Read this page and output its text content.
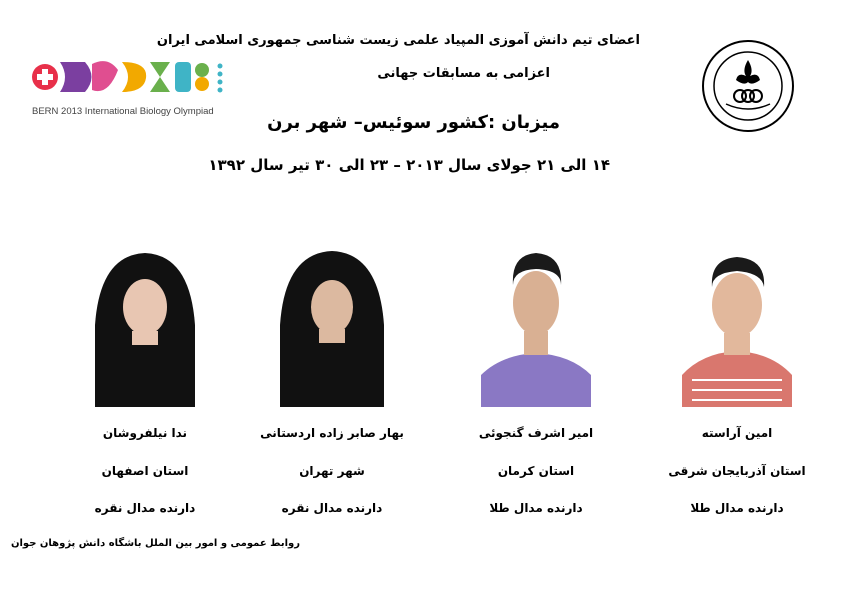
اعضای تیم دانش آموزی المپیاد علمی زیست شناسی جمهوری اسلامی ایران
اعزامی به مسابقات جهانی
میزبان :کشور سوئیس– شهر برن
۱۴ الی ۲۱ جولای سال ۲۰۱۳ – ۲۳ الی ۳۰ تیر سال ۱۳۹۲
BERN 2013 International Biology Olympiad
ندا نیلفروشان
استان اصفهان
دارنده مدال نقره
بهار صابر زاده اردستانی
شهر تهران
دارنده مدال نقره
امیر اشرف گنجوئی
استان کرمان
دارنده مدال طلا
امین آراسته
استان آذربایجان شرقی
دارنده مدال طلا
روابط عمومی و امور بین الملل باشگاه دانش پژوهان جوان
